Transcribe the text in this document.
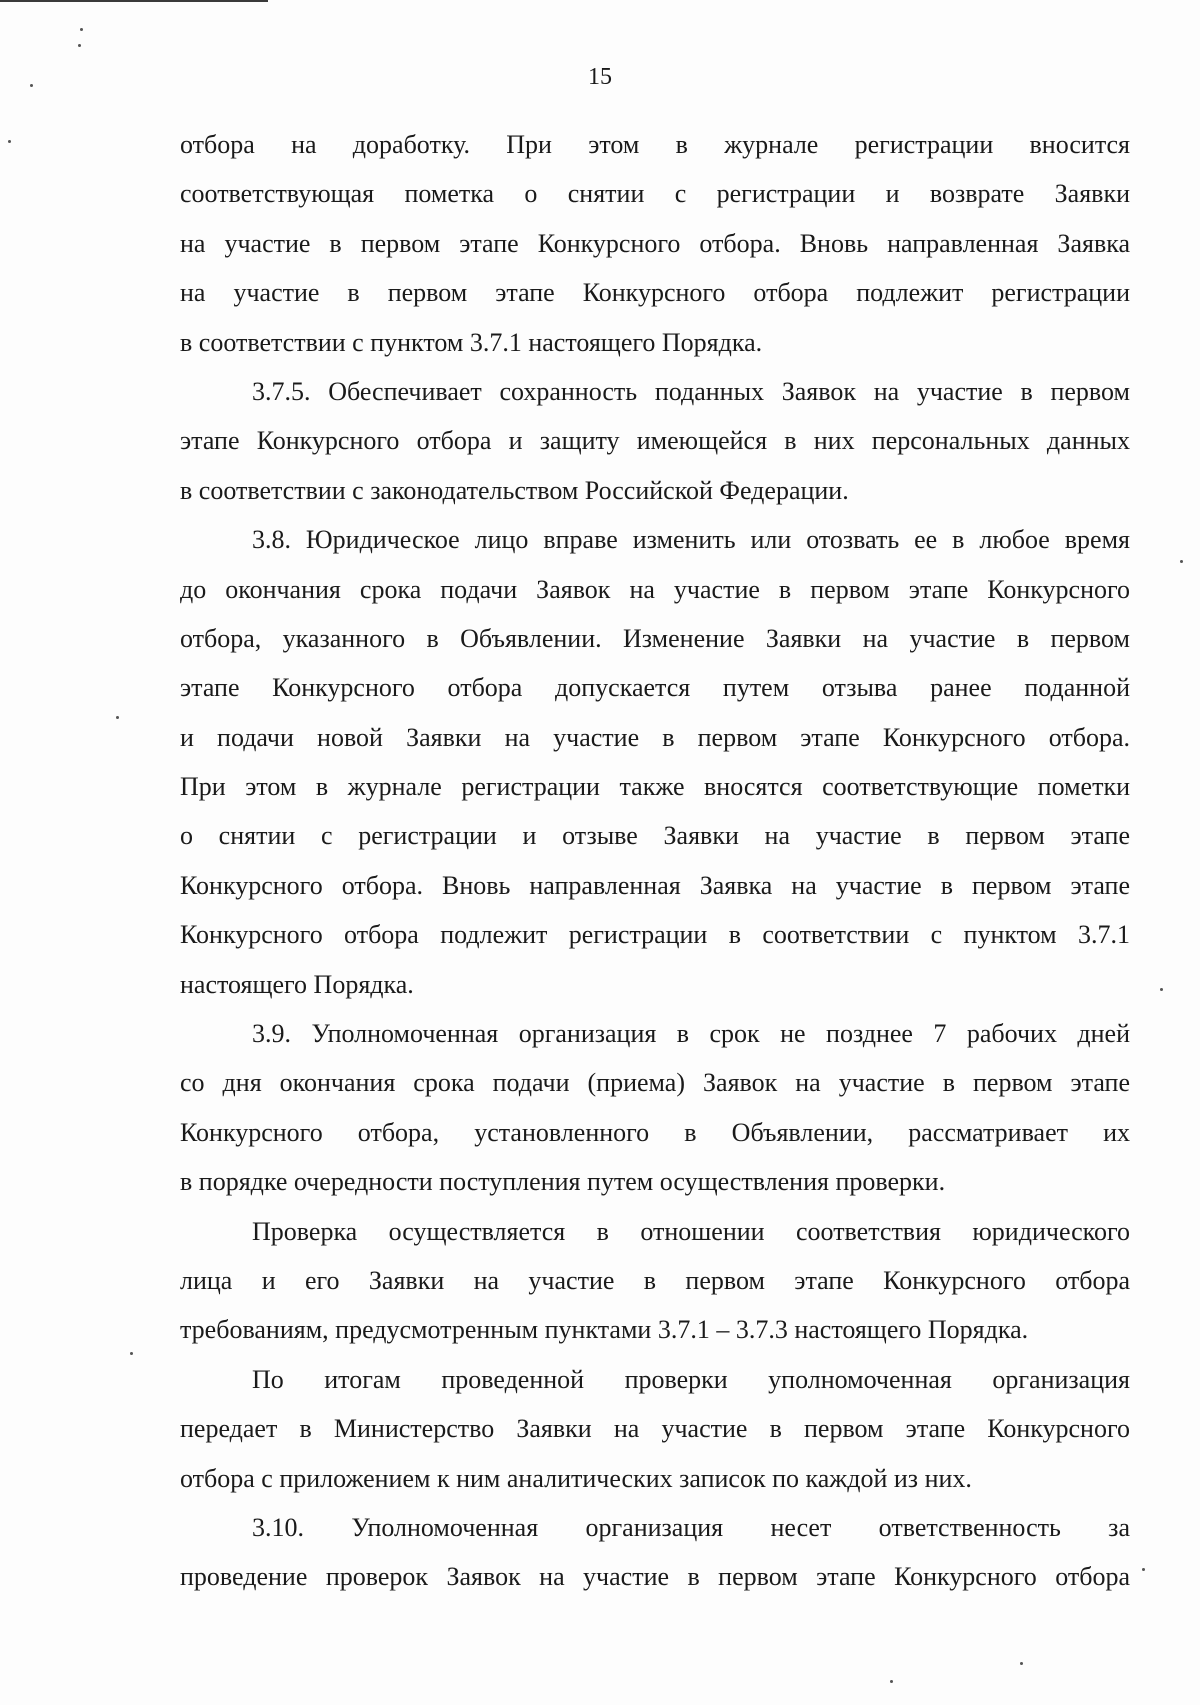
15
отбора на доработку. При этом в журнале регистрации вносится
соответствующая пометка о снятии с регистрации и возврате Заявки
на участие в первом этапе Конкурсного отбора. Вновь направленная Заявка
на участие в первом этапе Конкурсного отбора подлежит регистрации
в соответствии с пунктом 3.7.1 настоящего Порядка.
3.7.5. Обеспечивает сохранность поданных Заявок на участие в первом
этапе Конкурсного отбора и защиту имеющейся в них персональных данных
в соответствии с законодательством Российской Федерации.
3.8. Юридическое лицо вправе изменить или отозвать ее в любое время
до окончания срока подачи Заявок на участие в первом этапе Конкурсного
отбора, указанного в Объявлении. Изменение Заявки на участие в первом
этапе Конкурсного отбора допускается путем отзыва ранее поданной
и подачи новой Заявки на участие в первом этапе Конкурсного отбора.
При этом в журнале регистрации также вносятся соответствующие пометки
о снятии с регистрации и отзыве Заявки на участие в первом этапе
Конкурсного отбора. Вновь направленная Заявка на участие в первом этапе
Конкурсного отбора подлежит регистрации в соответствии с пунктом 3.7.1
настоящего Порядка.
3.9. Уполномоченная организация в срок не позднее 7 рабочих дней
со дня окончания срока подачи (приема) Заявок на участие в первом этапе
Конкурсного отбора, установленного в Объявлении, рассматривает их
в порядке очередности поступления путем осуществления проверки.
Проверка осуществляется в отношении соответствия юридического
лица и его Заявки на участие в первом этапе Конкурсного отбора
требованиям, предусмотренным пунктами 3.7.1 – 3.7.3 настоящего Порядка.
По итогам проведенной проверки уполномоченная организация
передает в Министерство Заявки на участие в первом этапе Конкурсного
отбора с приложением к ним аналитических записок по каждой из них.
3.10. Уполномоченная организация несет ответственность за
проведение проверок Заявок на участие в первом этапе Конкурсного отбора
